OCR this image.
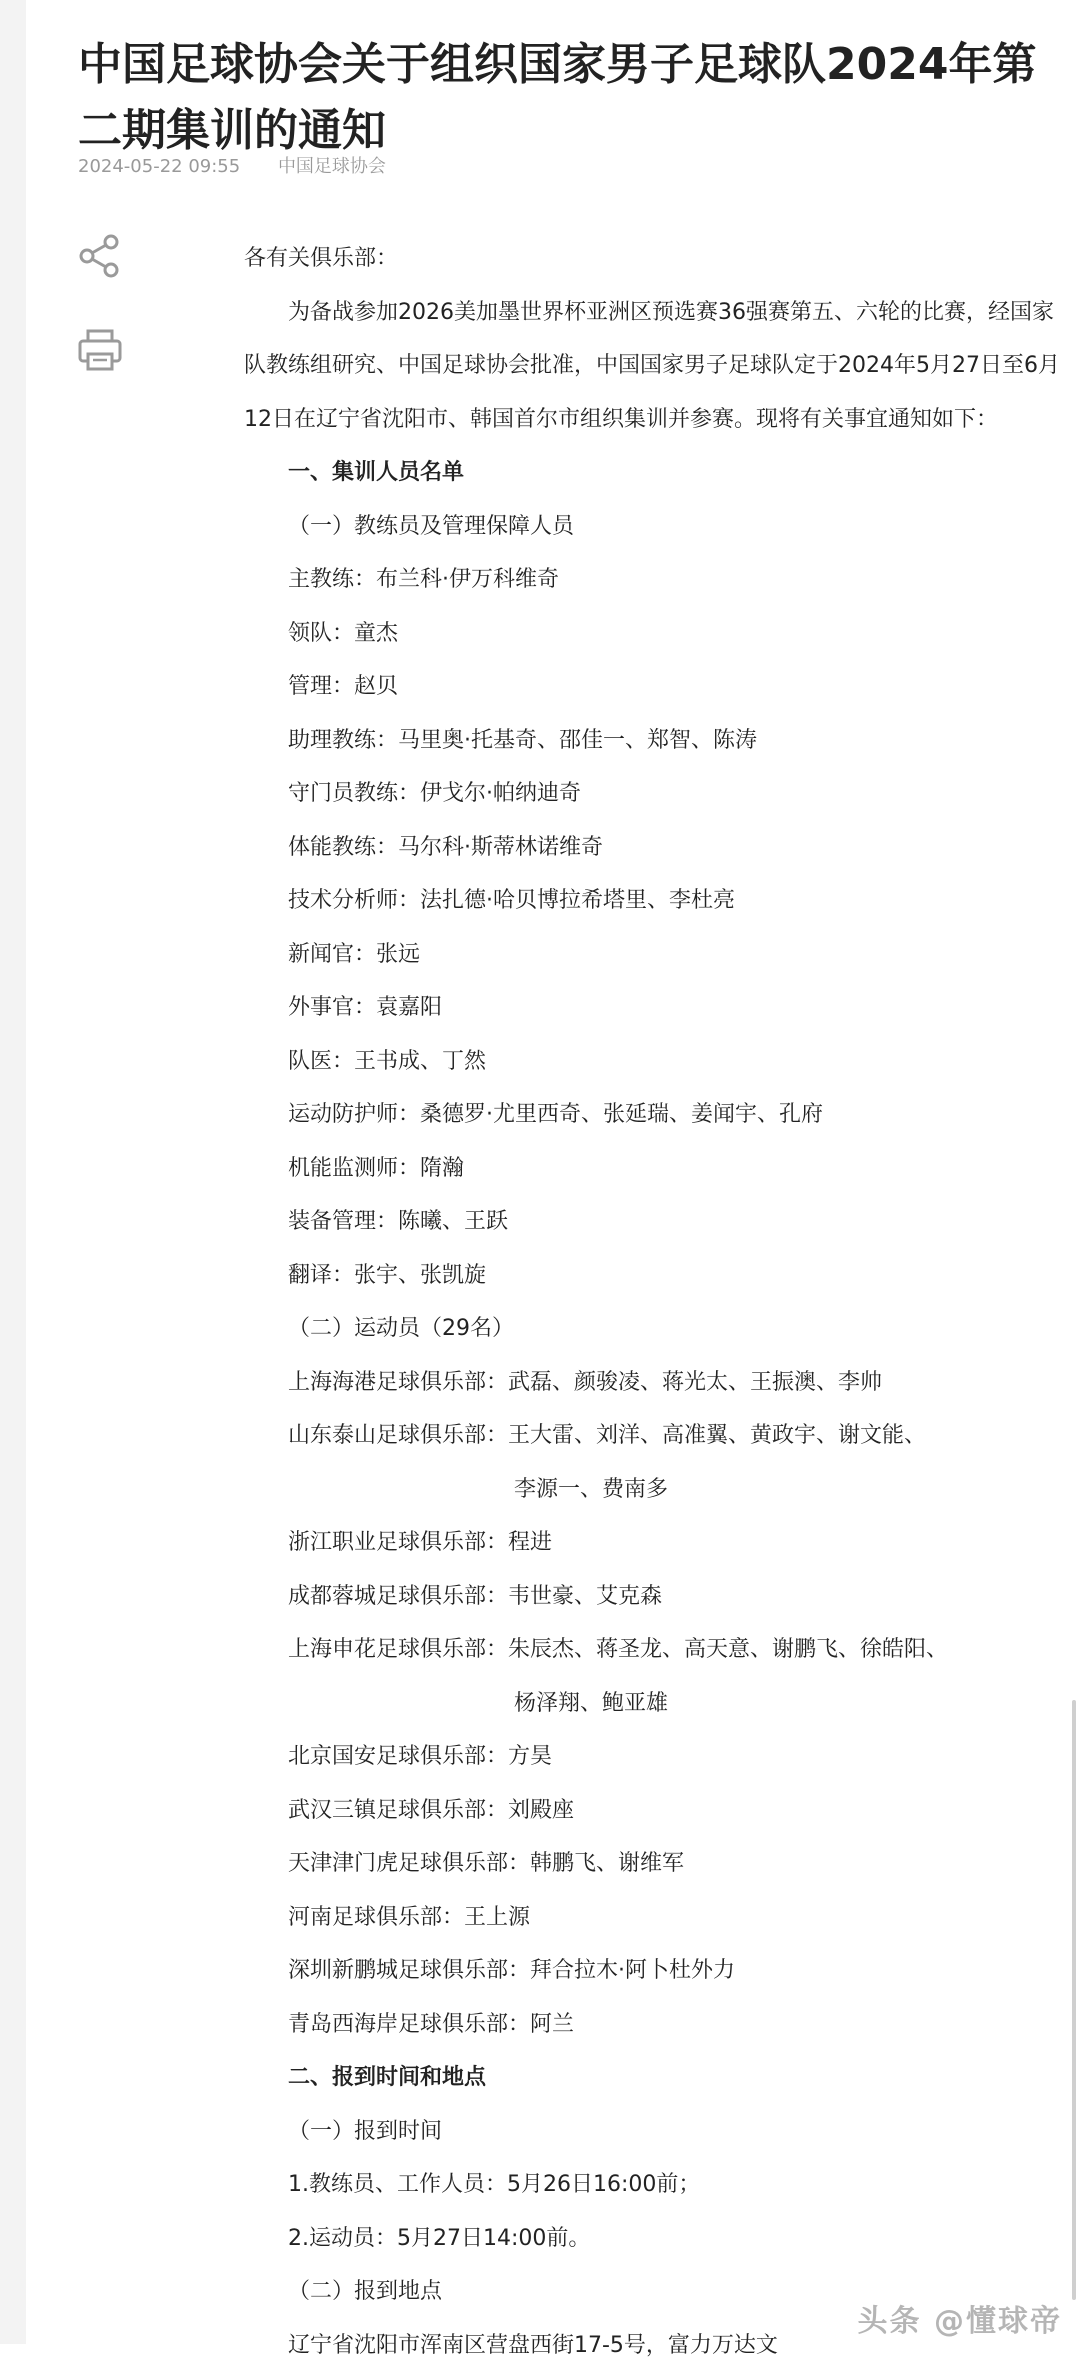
中国足球协会关于组织国家男子足球队2024年第二期集训的通知
2024-05-22 09:55 中国足球协会
各有关俱乐部：
为备战参加2026美加墨世界杯亚洲区预选赛36强赛第五、六轮的比赛，经国家
队教练组研究、中国足球协会批准，中国国家男子足球队定于2024年5月27日至6月
12日在辽宁省沈阳市、韩国首尔市组织集训并参赛。现将有关事宜通知如下：
一、集训人员名单
（一）教练员及管理保障人员
主教练：布兰科·伊万科维奇
领队：童杰
管理：赵贝
助理教练：马里奥·托基奇、邵佳一、郑智、陈涛
守门员教练：伊戈尔·帕纳迪奇
体能教练：马尔科·斯蒂林诺维奇
技术分析师：法扎德·哈贝博拉希塔里、李杜亮
新闻官：张远
外事官：袁嘉阳
队医：王书成、丁然
运动防护师：桑德罗·尤里西奇、张延瑞、姜闻宇、孔府
机能监测师：隋瀚
装备管理：陈曦、王跃
翻译：张宇、张凯旋
（二）运动员（29名）
上海海港足球俱乐部：武磊、颜骏凌、蒋光太、王振澳、李帅
山东泰山足球俱乐部：王大雷、刘洋、高准翼、黄政宇、谢文能、
李源一、费南多
浙江职业足球俱乐部：程进
成都蓉城足球俱乐部：韦世豪、艾克森
上海申花足球俱乐部：朱辰杰、蒋圣龙、高天意、谢鹏飞、徐皓阳、
杨泽翔、鲍亚雄
北京国安足球俱乐部：方昊
武汉三镇足球俱乐部：刘殿座
天津津门虎足球俱乐部：韩鹏飞、谢维军
河南足球俱乐部：王上源
深圳新鹏城足球俱乐部：拜合拉木·阿卜杜外力
青岛西海岸足球俱乐部：阿兰
二、报到时间和地点
（一）报到时间
1.教练员、工作人员：5月26日16:00前；
2.运动员：5月27日14:00前。
（二）报到地点
辽宁省沈阳市浑南区营盘西街17-5号，富力万达文
头条 @懂球帝
